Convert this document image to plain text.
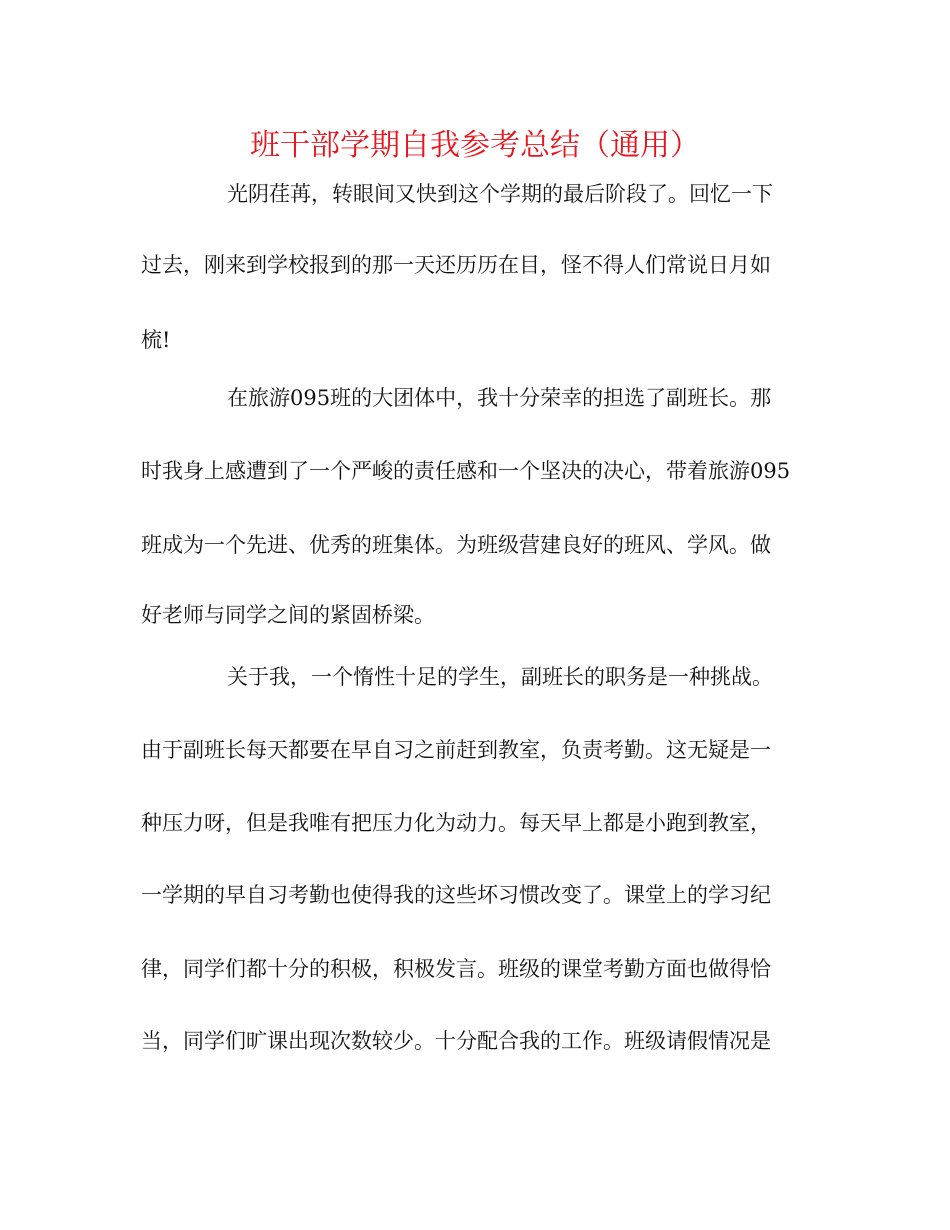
班干部学期自我参考总结（通用）
光阴荏苒，转眼间又快到这个学期的最后阶段了。回忆一下
过去，刚来到学校报到的那一天还历历在目，怪不得人们常说日月如
梳!
在旅游095班的大团体中，我十分荣幸的担选了副班长。那
时我身上感遭到了一个严峻的责任感和一个坚决的决心，带着旅游095
班成为一个先进、优秀的班集体。为班级营建良好的班风、学风。做
好老师与同学之间的紧固桥梁。
关于我，一个惰性十足的学生，副班长的职务是一种挑战。
由于副班长每天都要在早自习之前赶到教室，负责考勤。这无疑是一
种压力呀，但是我唯有把压力化为动力。每天早上都是小跑到教室，
一学期的早自习考勤也使得我的这些坏习惯改变了。课堂上的学习纪
律，同学们都十分的积极，积极发言。班级的课堂考勤方面也做得恰
当，同学们旷课出现次数较少。十分配合我的工作。班级请假情况是
